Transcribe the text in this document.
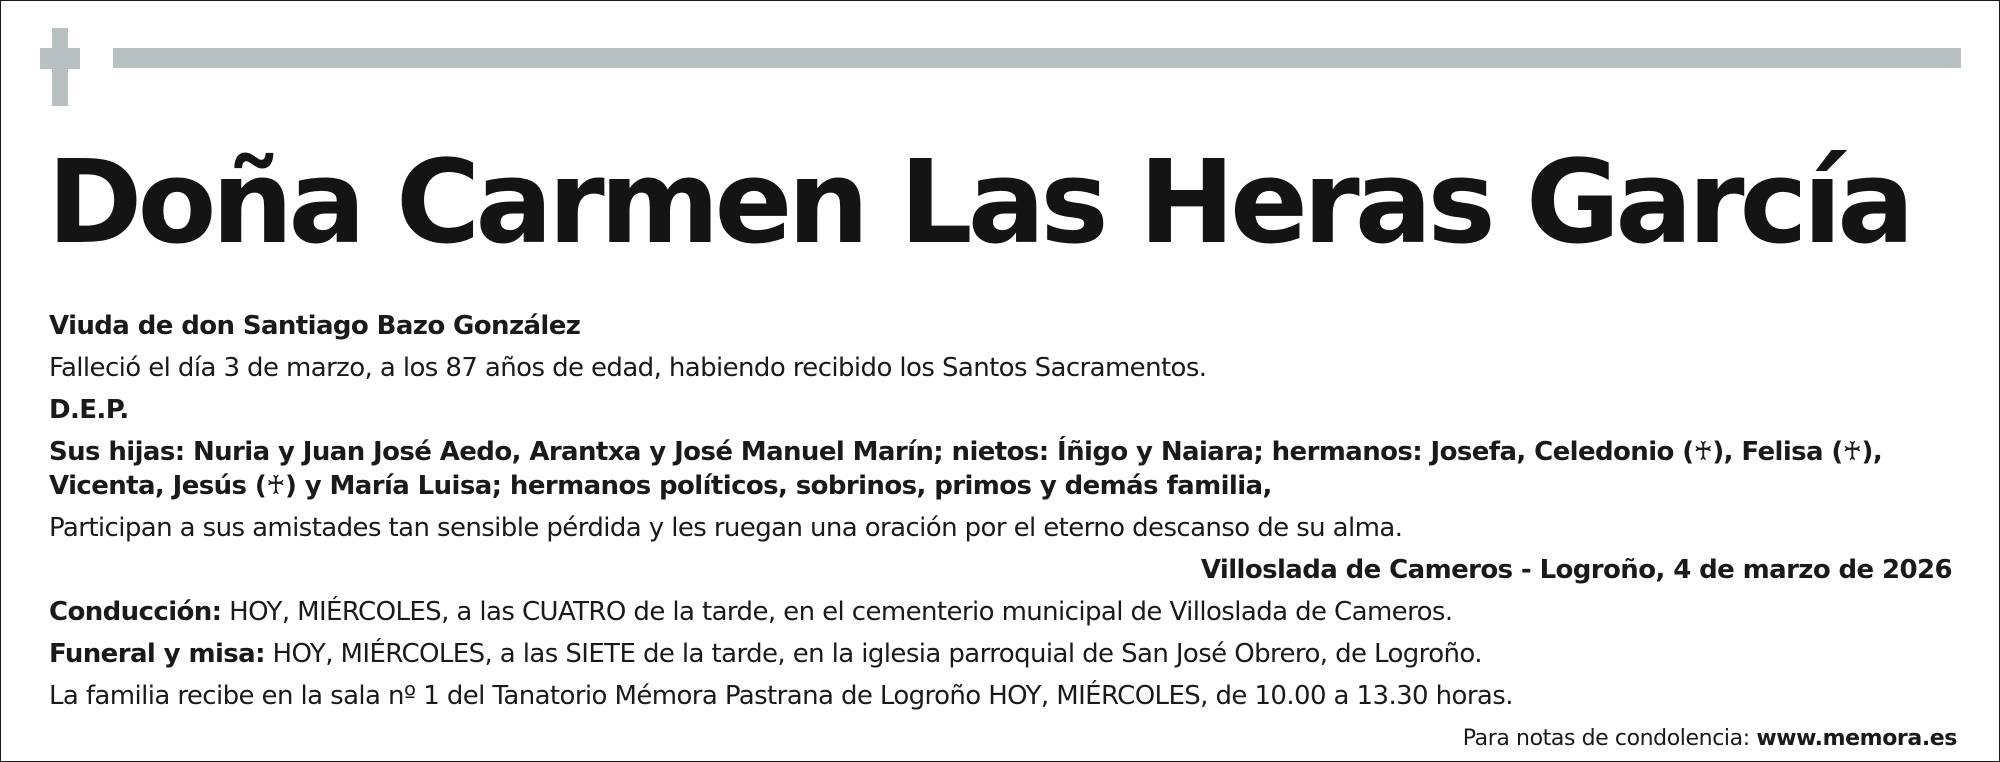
Doña Carmen Las Heras García
Viuda de don Santiago Bazo González
Falleció el día 3 de marzo, a los 87 años de edad, habiendo recibido los Santos Sacramentos.
D.E.P.
Sus hijas: Nuria y Juan José Aedo, Arantxa y José Manuel Marín; nietos: Íñigo y Naiara; hermanos: Josefa, Celedonio (♰), Felisa (♰), Vicenta, Jesús (♰) y María Luisa; hermanos políticos, sobrinos, primos y demás familia,
Participan a sus amistades tan sensible pérdida y les ruegan una oración por el eterno descanso de su alma.
Villoslada de Cameros - Logroño, 4 de marzo de 2026
Conducción: HOY, MIÉRCOLES, a las CUATRO de la tarde, en el cementerio municipal de Villoslada de Cameros.
Funeral y misa: HOY, MIÉRCOLES, a las SIETE de la tarde, en la iglesia parroquial de San José Obrero, de Logroño.
La familia recibe en la sala nº 1 del Tanatorio Mémora Pastrana de Logroño HOY, MIÉRCOLES, de 10.00 a 13.30 horas.
Para notas de condolencia: www.memora.es
